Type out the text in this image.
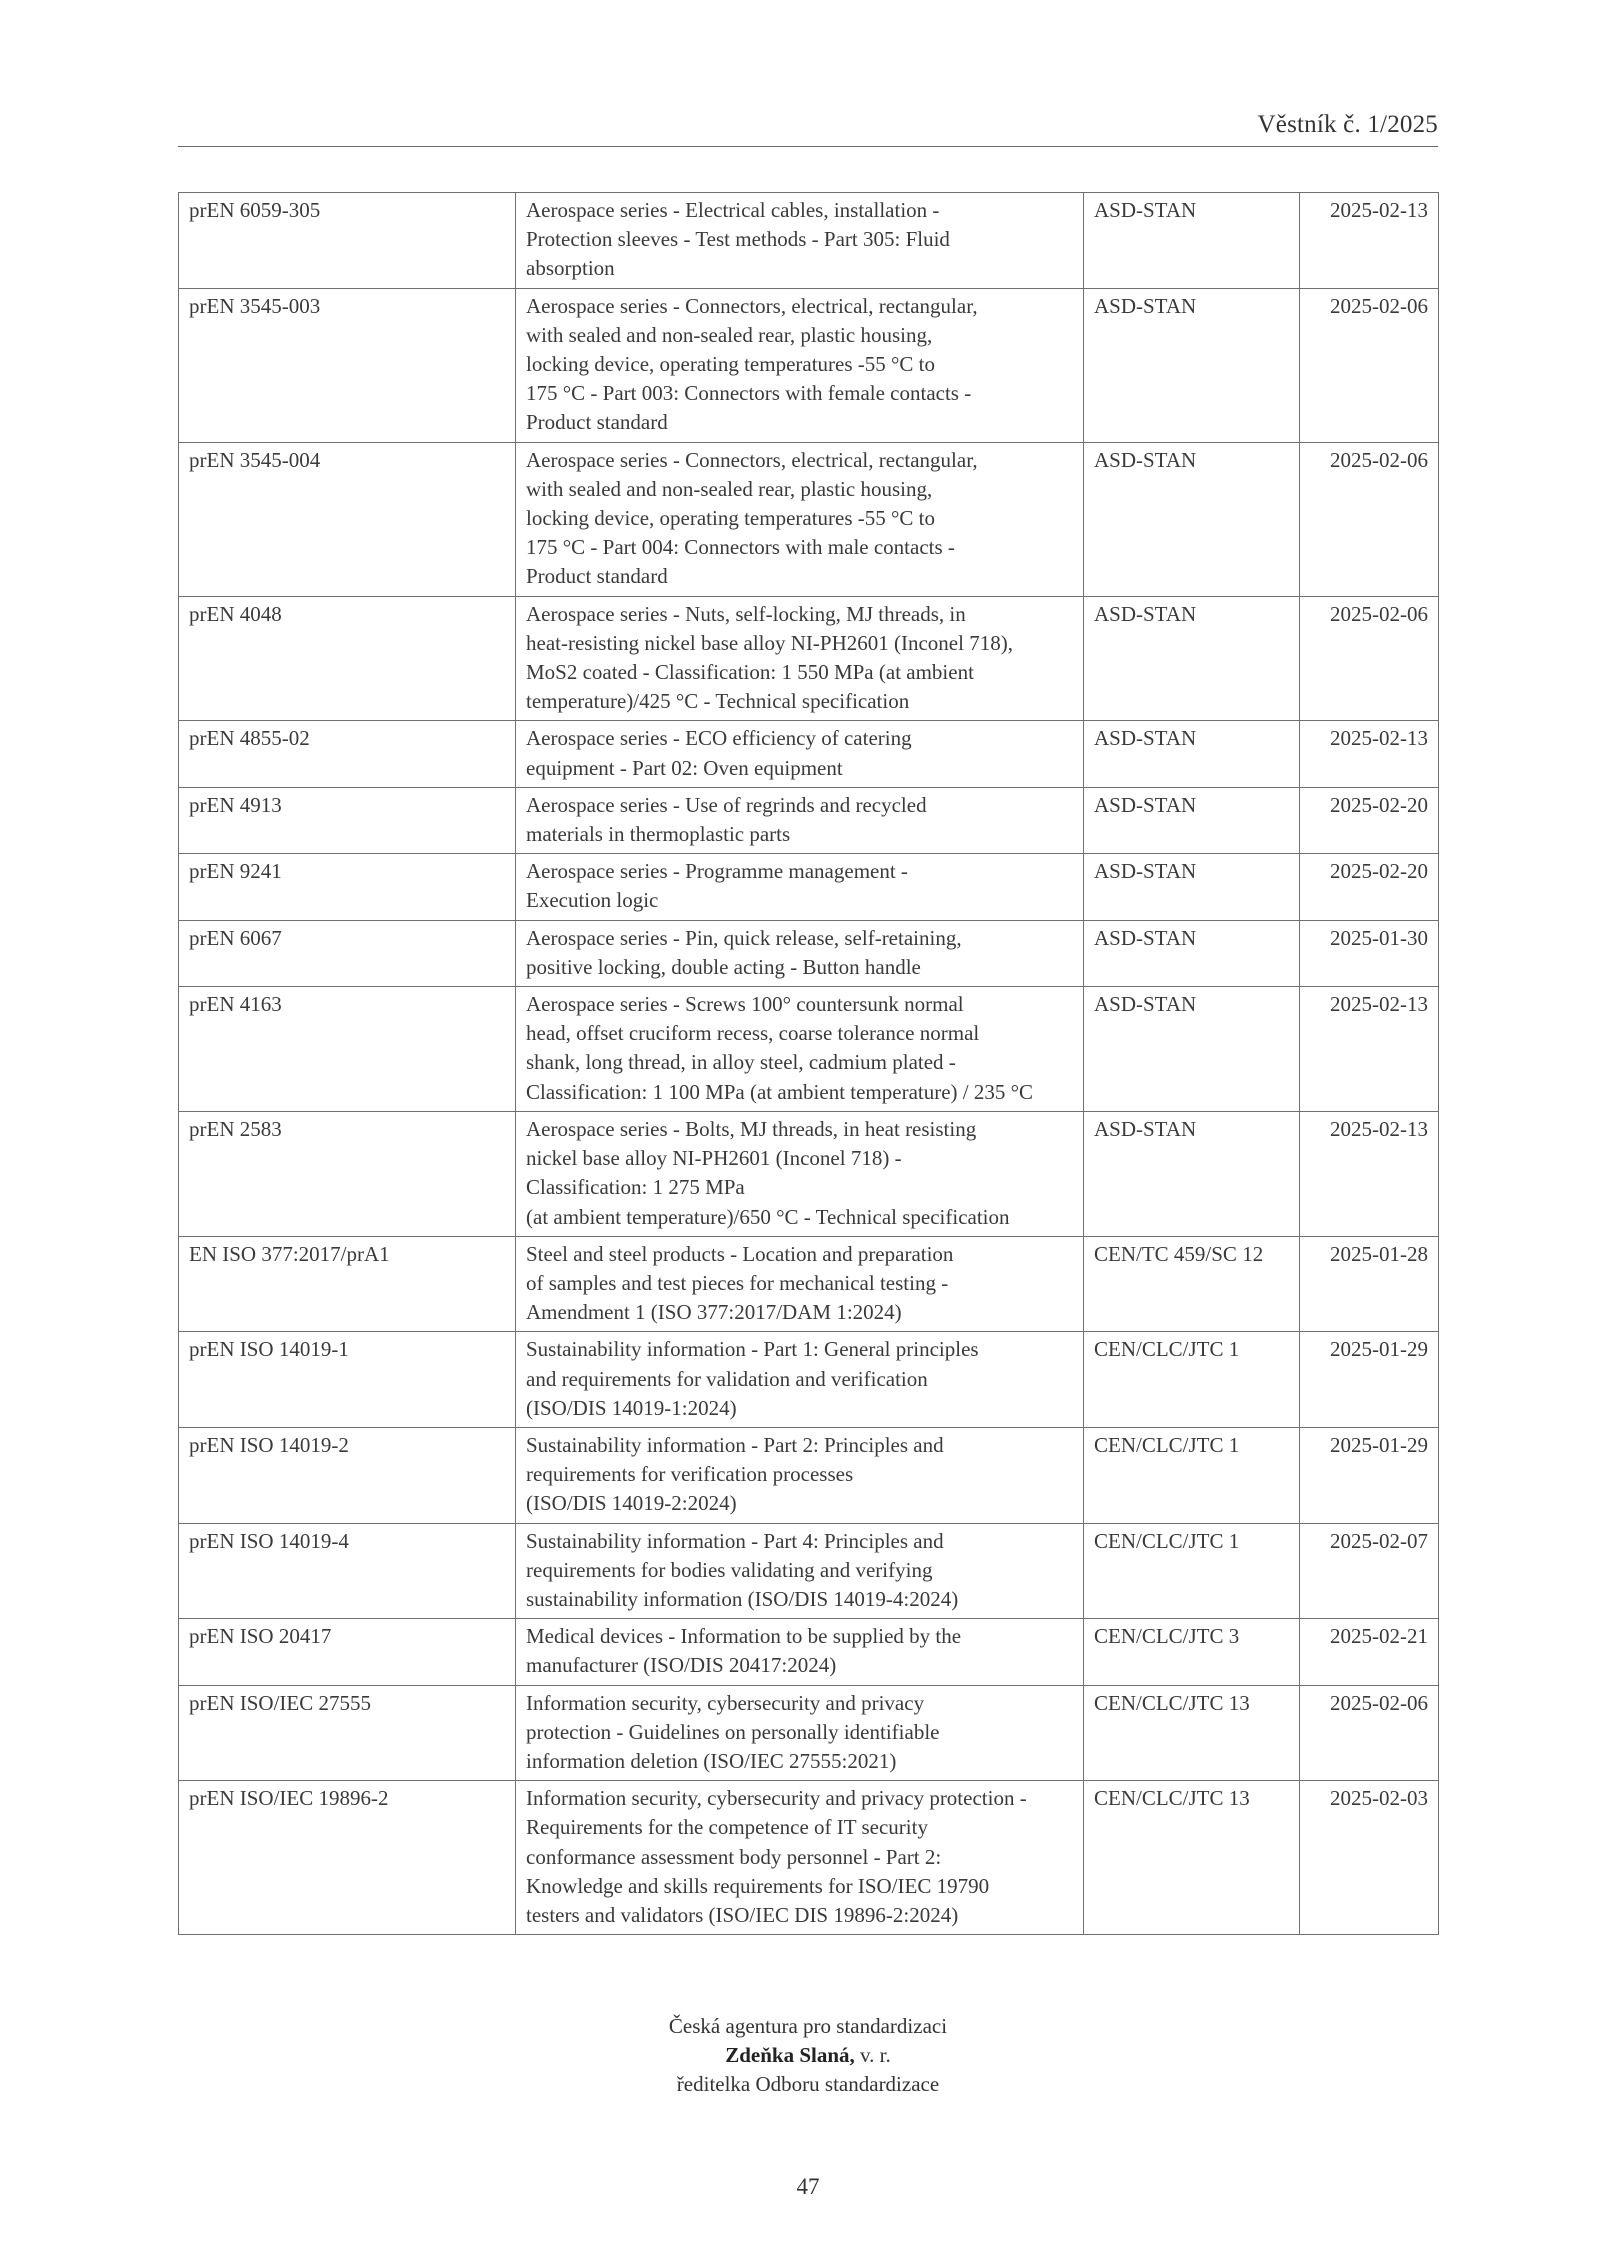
Věstník č. 1/2025
prEN 6059-305	Aerospace series - Electrical cables, installation -
Protection sleeves - Test methods - Part 305: Fluid
absorption	ASD-STAN	2025-02-13
prEN 3545-003	Aerospace series - Connectors, electrical, rectangular,
with sealed and non-sealed rear, plastic housing,
locking device, operating temperatures -55 °C to
175 °C - Part 003: Connectors with female contacts -
Product standard	ASD-STAN	2025-02-06
prEN 3545-004	Aerospace series - Connectors, electrical, rectangular,
with sealed and non-sealed rear, plastic housing,
locking device, operating temperatures -55 °C to
175 °C - Part 004: Connectors with male contacts -
Product standard	ASD-STAN	2025-02-06
prEN 4048	Aerospace series - Nuts, self-locking, MJ threads, in
heat-resisting nickel base alloy NI-PH2601 (Inconel 718),
MoS2 coated - Classification: 1 550 MPa (at ambient
temperature)/425 °C - Technical specification	ASD-STAN	2025-02-06
prEN 4855-02	Aerospace series - ECO efficiency of catering
equipment - Part 02: Oven equipment	ASD-STAN	2025-02-13
prEN 4913	Aerospace series - Use of regrinds and recycled
materials in thermoplastic parts	ASD-STAN	2025-02-20
prEN 9241	Aerospace series - Programme management -
Execution logic	ASD-STAN	2025-02-20
prEN 6067	Aerospace series - Pin, quick release, self-retaining,
positive locking, double acting - Button handle	ASD-STAN	2025-01-30
prEN 4163	Aerospace series - Screws 100° countersunk normal
head, offset cruciform recess, coarse tolerance normal
shank, long thread, in alloy steel, cadmium plated -
Classification: 1 100 MPa (at ambient temperature) / 235 °C	ASD-STAN	2025-02-13
prEN 2583	Aerospace series - Bolts, MJ threads, in heat resisting
nickel base alloy NI-PH2601 (Inconel 718) -
Classification: 1 275 MPa
(at ambient temperature)/650 °C - Technical specification	ASD-STAN	2025-02-13
EN ISO 377:2017/prA1	Steel and steel products - Location and preparation
of samples and test pieces for mechanical testing -
Amendment 1 (ISO 377:2017/DAM 1:2024)	CEN/TC 459/SC 12	2025-01-28
prEN ISO 14019-1	Sustainability information - Part 1: General principles
and requirements for validation and verification
(ISO/DIS 14019-1:2024)	CEN/CLC/JTC 1	2025-01-29
prEN ISO 14019-2	Sustainability information - Part 2: Principles and
requirements for verification processes
(ISO/DIS 14019-2:2024)	CEN/CLC/JTC 1	2025-01-29
prEN ISO 14019-4	Sustainability information - Part 4: Principles and
requirements for bodies validating and verifying
sustainability information (ISO/DIS 14019-4:2024)	CEN/CLC/JTC 1	2025-02-07
prEN ISO 20417	Medical devices - Information to be supplied by the
manufacturer (ISO/DIS 20417:2024)	CEN/CLC/JTC 3	2025-02-21
prEN ISO/IEC 27555	Information security, cybersecurity and privacy
protection - Guidelines on personally identifiable
information deletion (ISO/IEC 27555:2021)	CEN/CLC/JTC 13	2025-02-06
prEN ISO/IEC 19896-2	Information security, cybersecurity and privacy protection -
Requirements for the competence of IT security
conformance assessment body personnel - Part 2:
Knowledge and skills requirements for ISO/IEC 19790
testers and validators (ISO/IEC DIS 19896-2:2024)	CEN/CLC/JTC 13	2025-02-03
Česká agentura pro standardizaci
Zdeňka Slaná, v. r.
ředitelka Odboru standardizace
47
